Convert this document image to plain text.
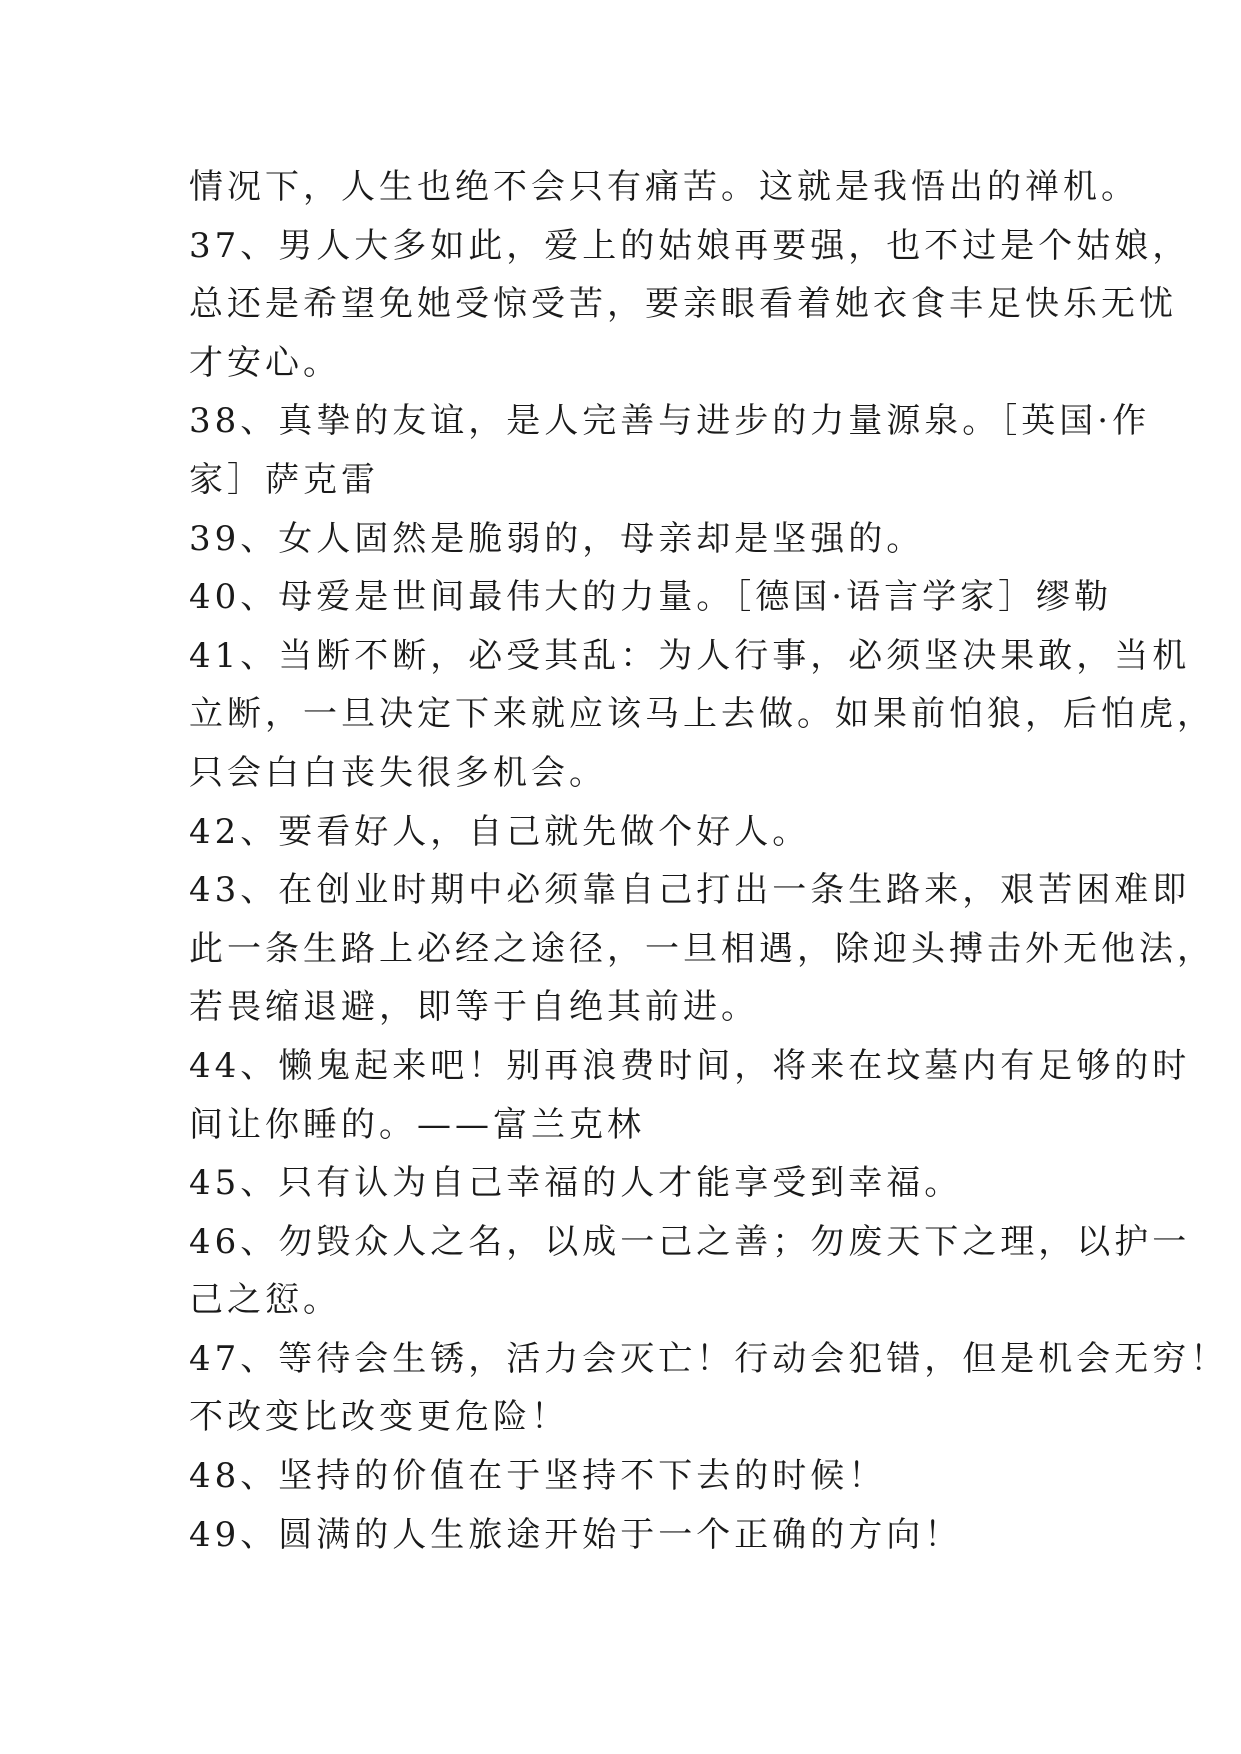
情况下，人生也绝不会只有痛苦。这就是我悟出的禅机。
37、男人大多如此，爱上的姑娘再要强，也不过是个姑娘，
总还是希望免她受惊受苦，要亲眼看着她衣食丰足快乐无忧
才安心。
38、真挚的友谊，是人完善与进步的力量源泉。［英国·作
家］萨克雷
39、女人固然是脆弱的，母亲却是坚强的。
40、母爱是世间最伟大的力量。［德国·语言学家］缪勒
41、当断不断，必受其乱：为人行事，必须坚决果敢，当机
立断，一旦决定下来就应该马上去做。如果前怕狼，后怕虎，
只会白白丧失很多机会。
42、要看好人，自己就先做个好人。
43、在创业时期中必须靠自己打出一条生路来，艰苦困难即
此一条生路上必经之途径，一旦相遇，除迎头搏击外无他法，
若畏缩退避，即等于自绝其前进。
44、懒鬼起来吧！别再浪费时间，将来在坟墓内有足够的时
间让你睡的。——富兰克林
45、只有认为自己幸福的人才能享受到幸福。
46、勿毁众人之名，以成一己之善；勿废天下之理，以护一
己之愆。
47、等待会生锈，活力会灭亡！行动会犯错，但是机会无穷！
不改变比改变更危险！
48、坚持的价值在于坚持不下去的时候！
49、圆满的人生旅途开始于一个正确的方向！
